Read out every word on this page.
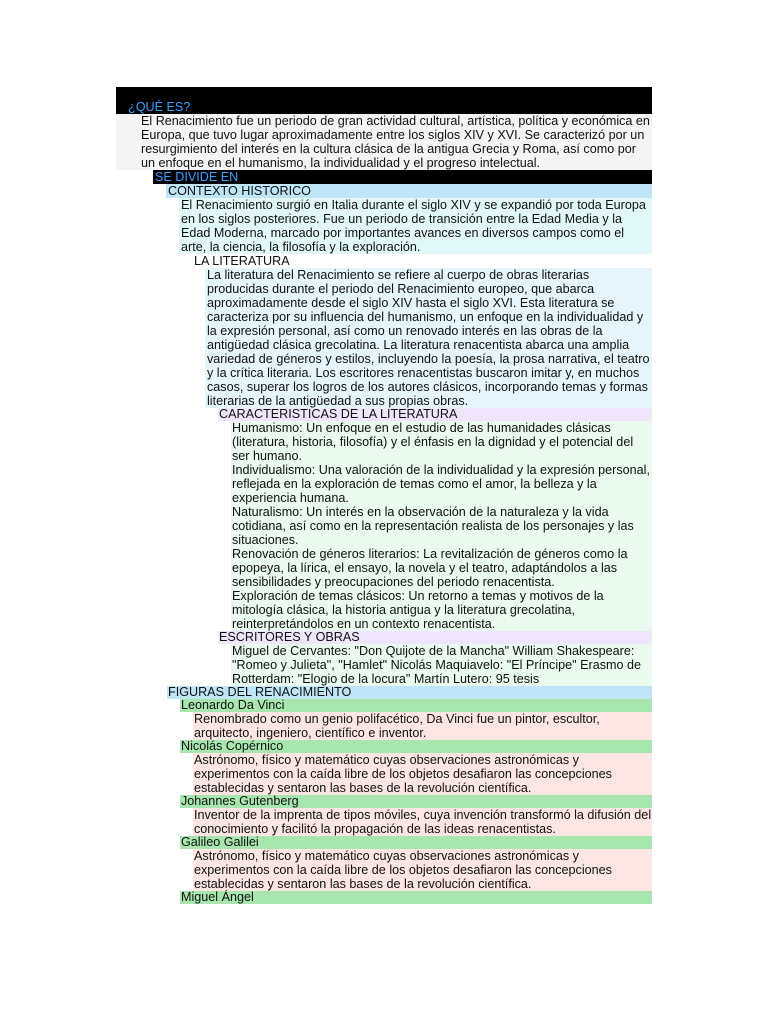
¿QUÉ ES?
El Renacimiento fue un periodo de gran actividad cultural, artística, política y económica en Europa, que tuvo lugar aproximadamente entre los siglos XIV y XVI. Se caracterizó por un resurgimiento del interés en la cultura clásica de la antigua Grecia y Roma, así como por un enfoque en el humanismo, la individualidad y el progreso intelectual.
SE DIVIDE EN
CONTEXTO HISTORICO
El Renacimiento surgió en Italia durante el siglo XIV y se expandió por toda Europa en los siglos posteriores. Fue un periodo de transición entre la Edad Media y la Edad Moderna, marcado por importantes avances en diversos campos como el arte, la ciencia, la filosofía y la exploración.
LA LITERATURA
La literatura del Renacimiento se refiere al cuerpo de obras literarias producidas durante el periodo del Renacimiento europeo, que abarca aproximadamente desde el siglo XIV hasta el siglo XVI. Esta literatura se caracteriza por su influencia del humanismo, un enfoque en la individualidad y la expresión personal, así como un renovado interés en las obras de la antigüedad clásica grecolatina. La literatura renacentista abarca una amplia variedad de géneros y estilos, incluyendo la poesía, la prosa narrativa, el teatro y la crítica literaria. Los escritores renacentistas buscaron imitar y, en muchos casos, superar los logros de los autores clásicos, incorporando temas y formas literarias de la antigüedad a sus propias obras.
CARACTERISTICAS DE LA LITERATURA
Humanismo: Un enfoque en el estudio de las humanidades clásicas (literatura, historia, filosofía) y el énfasis en la dignidad y el potencial del ser humano.
Individualismo: Una valoración de la individualidad y la expresión personal, reflejada en la exploración de temas como el amor, la belleza y la experiencia humana.
Naturalismo: Un interés en la observación de la naturaleza y la vida cotidiana, así como en la representación realista de los personajes y las situaciones.
Renovación de géneros literarios: La revitalización de géneros como la epopeya, la lírica, el ensayo, la novela y el teatro, adaptándolos a las sensibilidades y preocupaciones del periodo renacentista.
Exploración de temas clásicos: Un retorno a temas y motivos de la mitología clásica, la historia antigua y la literatura grecolatina, reinterpretándolos en un contexto renacentista.
ESCRITORES Y OBRAS
Miguel de Cervantes: "Don Quijote de la Mancha" William Shakespeare: "Romeo y Julieta", "Hamlet" Nicolás Maquiavelo: "El Príncipe" Erasmo de Rotterdam: "Elogio de la locura" Martín Lutero: 95 tesis
FIGURAS DEL RENACIMIENTO
Leonardo Da Vinci
Renombrado como un genio polifacético, Da Vinci fue un pintor, escultor, arquitecto, ingeniero, científico e inventor.
Nicolás Copérnico
Astrónomo, físico y matemático cuyas observaciones astronómicas y experimentos con la caída libre de los objetos desafiaron las concepciones establecidas y sentaron las bases de la revolución científica.
Johannes Gutenberg
Inventor de la imprenta de tipos móviles, cuya invención transformó la difusión del conocimiento y facilitó la propagación de las ideas renacentistas.
Galileo Galilei
Astrónomo, físico y matemático cuyas observaciones astronómicas y experimentos con la caída libre de los objetos desafiaron las concepciones establecidas y sentaron las bases de la revolución científica.
Miguel Ángel
